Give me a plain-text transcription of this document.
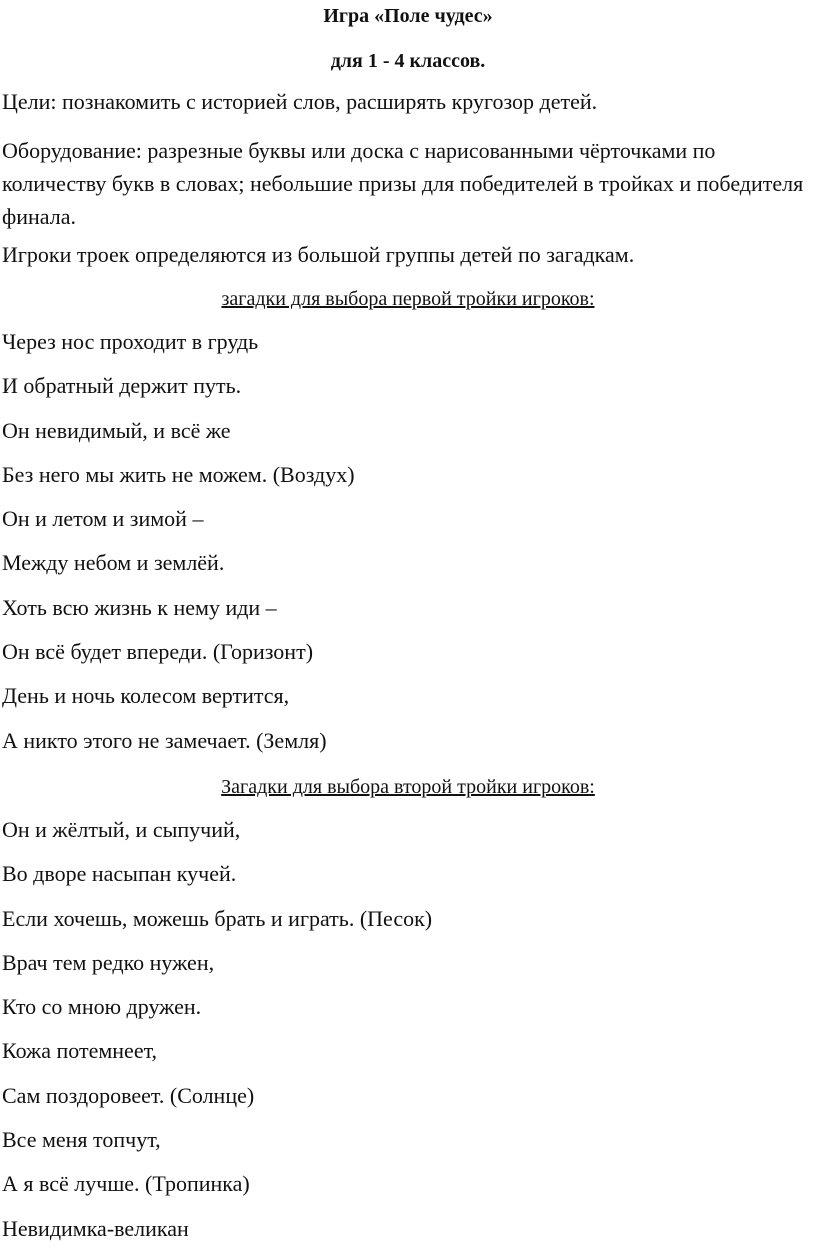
Игра «Поле чудес»
для 1 - 4 классов.
Цели: познакомить с историей слов, расширять кругозор детей.
Оборудование: разрезные буквы или доска с нарисованными чёрточками по количеству букв в словах; небольшие призы для победителей в тройках и победителя финала.
Игроки троек определяются из большой группы детей по загадкам.
загадки для выбора первой тройки игроков:
Через нос проходит в грудь
И обратный держит путь.
Он невидимый, и всё же
Без него мы жить не можем. (Воздух)
Он и летом и зимой –
Между небом и землёй.
Хоть всю жизнь к нему иди –
Он всё будет впереди. (Горизонт)
День и ночь колесом вертится,
А никто этого не замечает. (Земля)
Загадки для выбора второй тройки игроков:
Он и жёлтый, и сыпучий,
Во дворе насыпан кучей.
Если хочешь, можешь брать и играть. (Песок)
Врач тем редко нужен,
Кто со мною дружен.
Кожа потемнеет,
Сам поздоровеет. (Солнце)
Все меня топчут,
А я всё лучше. (Тропинка)
Невидимка-великан
